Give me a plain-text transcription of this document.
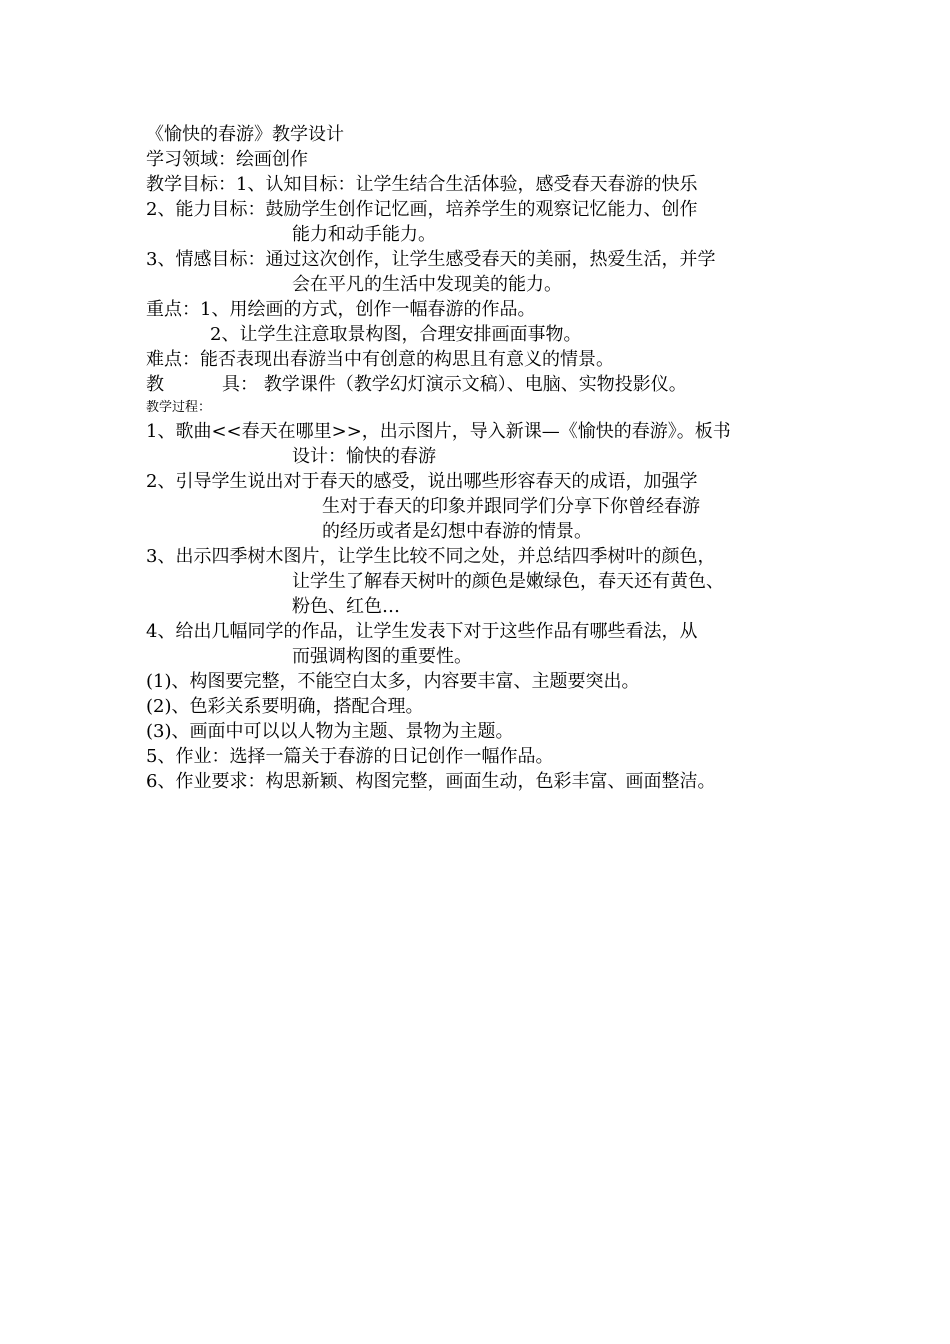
《愉快的春游》教学设计
学习领域：绘画创作
教学目标：1、认知目标：让学生结合生活体验，感受春天春游的快乐
2、能力目标：鼓励学生创作记忆画，培养学生的观察记忆能力、创作
能力和动手能力。
3、情感目标：通过这次创作，让学生感受春天的美丽，热爱生活，并学
会在平凡的生活中发现美的能力。
重点：1、用绘画的方式，创作一幅春游的作品。
2、让学生注意取景构图，合理安排画面事物。
难点：能否表现出春游当中有创意的构思且有意义的情景。
教	具： 教学课件（教学幻灯演示文稿）、电脑、实物投影仪。
教学过程：
1、歌曲<<春天在哪里>>，出示图片，导入新课—《愉快的春游》。板书
设计：愉快的春游
2、引导学生说出对于春天的感受，说出哪些形容春天的成语，加强学
生对于春天的印象并跟同学们分享下你曾经春游
的经历或者是幻想中春游的情景。
3、出示四季树木图片，让学生比较不同之处，并总结四季树叶的颜色，
让学生了解春天树叶的颜色是嫩绿色，春天还有黄色、
粉色、红色…
4、给出几幅同学的作品，让学生发表下对于这些作品有哪些看法，从
而强调构图的重要性。
(1)、构图要完整，不能空白太多，内容要丰富、主题要突出。
(2)、色彩关系要明确，搭配合理。
(3)、画面中可以以人物为主题、景物为主题。
5、作业：选择一篇关于春游的日记创作一幅作品。
6、作业要求：构思新颖、构图完整，画面生动，色彩丰富、画面整洁。
